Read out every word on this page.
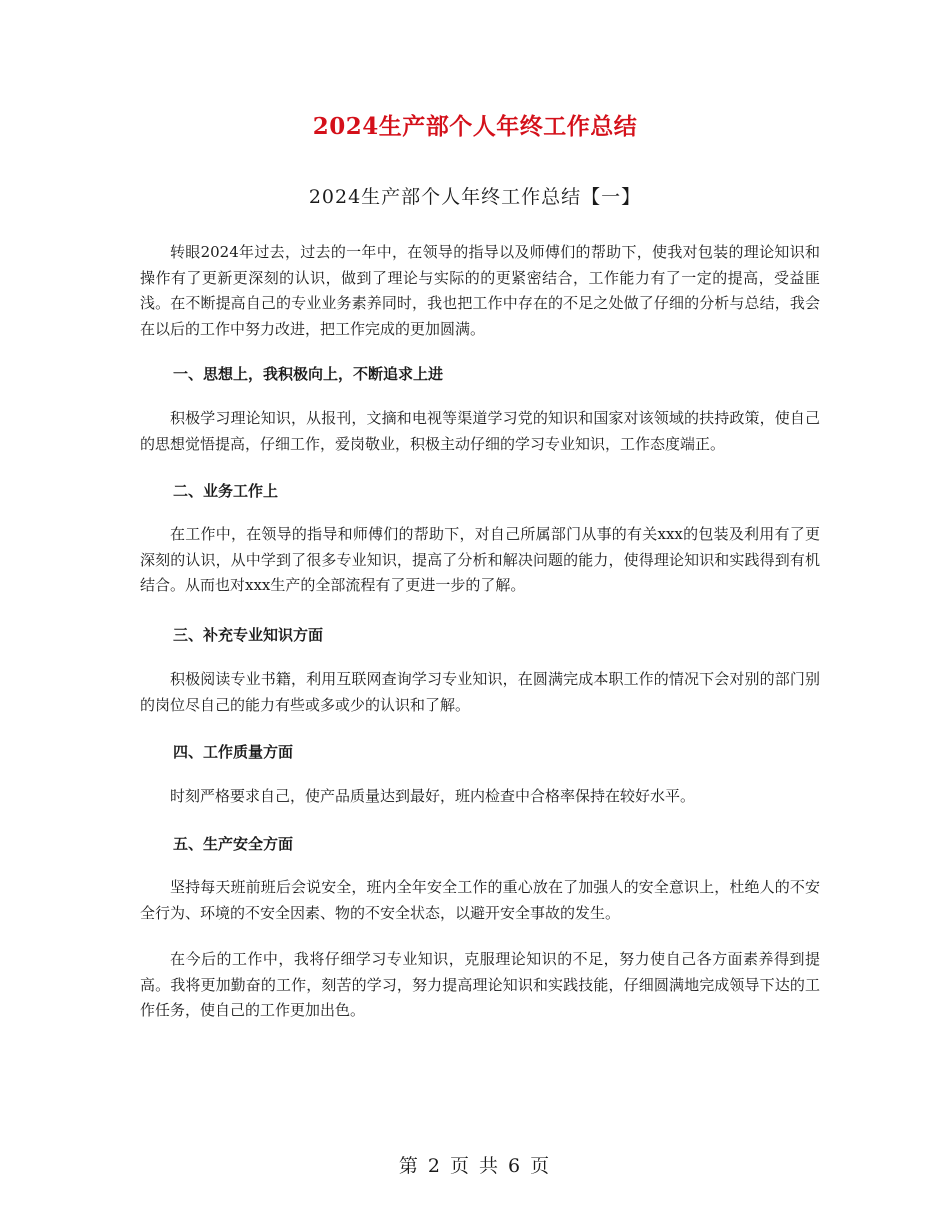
2024生产部个人年终工作总结
2024生产部个人年终工作总结【一】

转眼2024年过去，过去的一年中，在领导的指导以及师傅们的帮助下，使我对包装的理论知识和操作有了更新更深刻的认识，做到了理论与实际的的更紧密结合，工作能力有了一定的提高，受益匪浅。在不断提高自己的专业业务素养同时，我也把工作中存在的不足之处做了仔细的分析与总结，我会在以后的工作中努力改进，把工作完成的更加圆满。

一、思想上，我积极向上，不断追求上进

积极学习理论知识，从报刊，文摘和电视等渠道学习党的知识和国家对该领域的扶持政策，使自己的思想觉悟提高，仔细工作，爱岗敬业，积极主动仔细的学习专业知识，工作态度端正。

二、业务工作上

在工作中，在领导的指导和师傅们的帮助下，对自己所属部门从事的有关xxx的包装及利用有了更深刻的认识，从中学到了很多专业知识，提高了分析和解决问题的能力，使得理论知识和实践得到有机结合。从而也对xxx生产的全部流程有了更进一步的了解。

三、补充专业知识方面

积极阅读专业书籍，利用互联网查询学习专业知识，在圆满完成本职工作的情况下会对别的部门别的岗位尽自己的能力有些或多或少的认识和了解。

四、工作质量方面

时刻严格要求自己，使产品质量达到最好，班内检查中合格率保持在较好水平。

五、生产安全方面

坚持每天班前班后会说安全，班内全年安全工作的重心放在了加强人的安全意识上，杜绝人的不安全行为、环境的不安全因素、物的不安全状态，以避开安全事故的发生。

在今后的工作中，我将仔细学习专业知识，克服理论知识的不足，努力使自己各方面素养得到提高。我将更加勤奋的工作，刻苦的学习，努力提高理论知识和实践技能，仔细圆满地完成领导下达的工作任务，使自己的工作更加出色。

第 2 页 共 6 页
